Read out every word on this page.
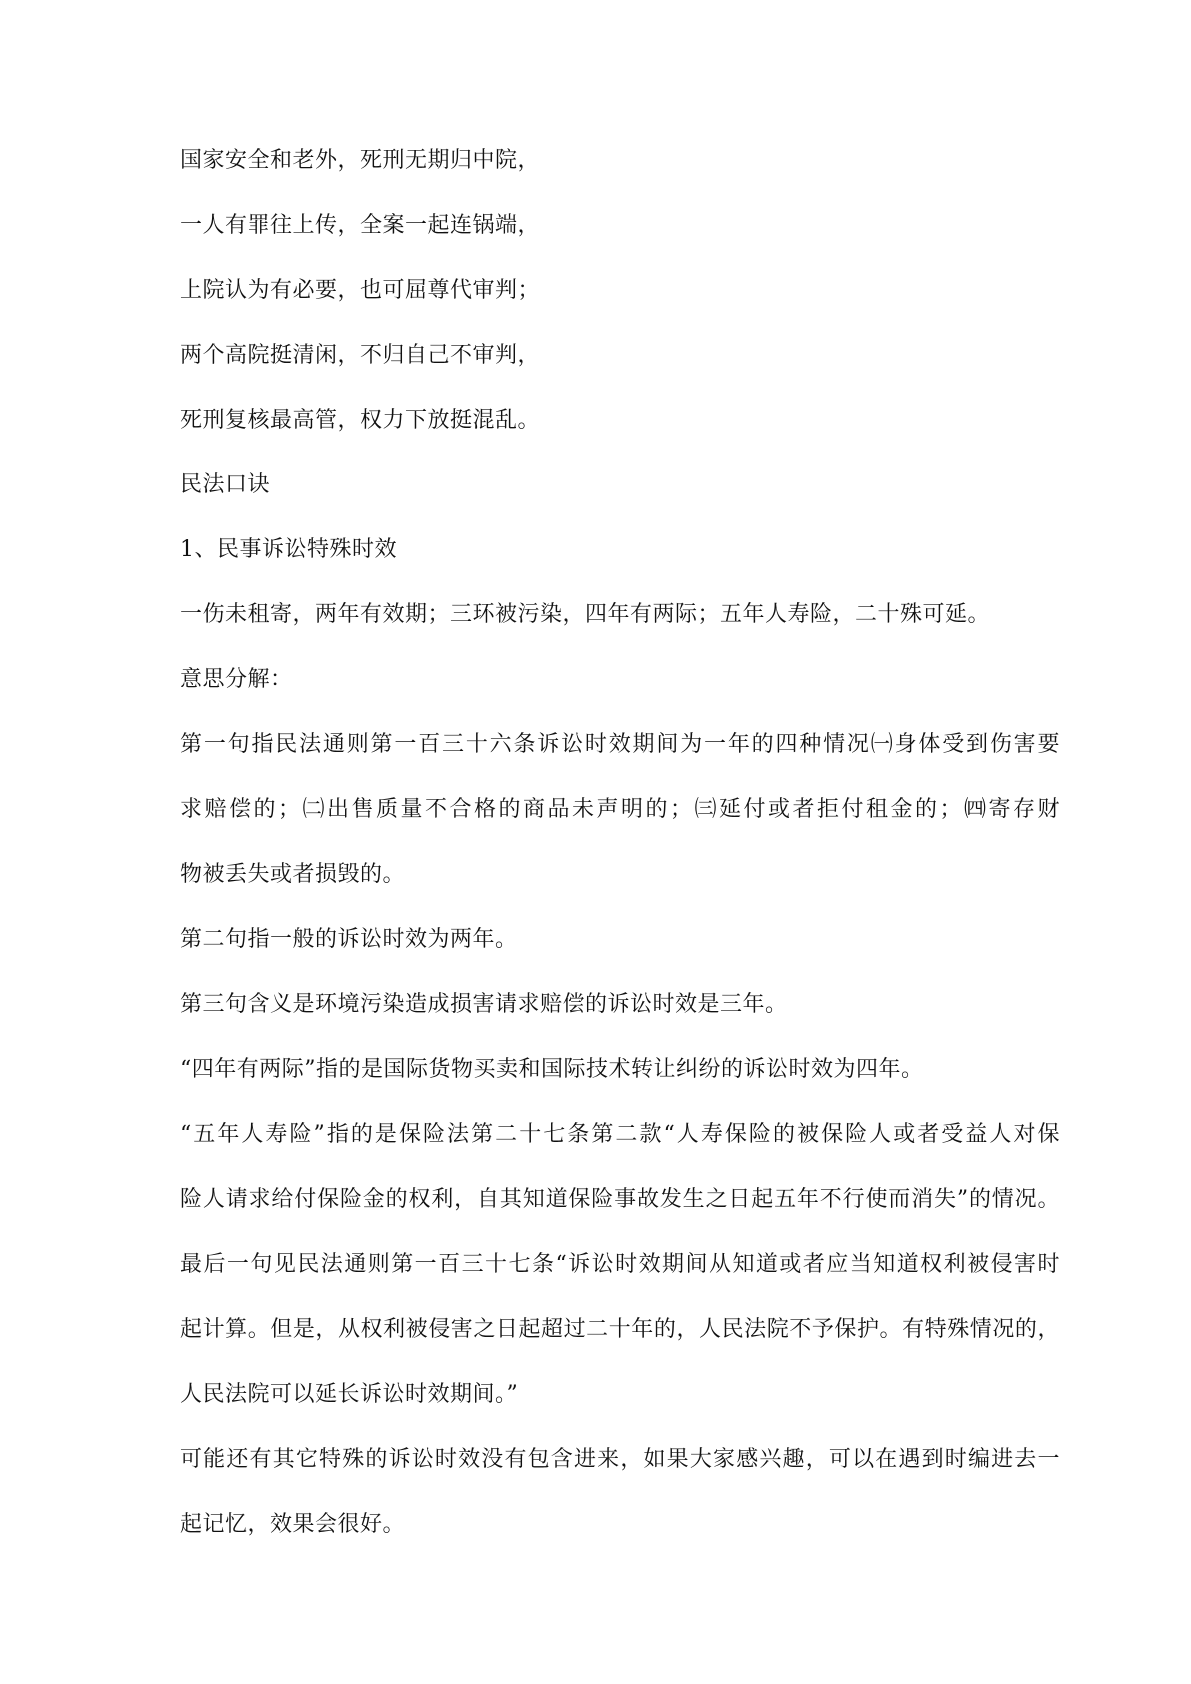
国家安全和老外，死刑无期归中院，
一人有罪往上传，全案一起连锅端，
上院认为有必要，也可屈尊代审判；
两个高院挺清闲，不归自己不审判，
死刑复核最高管，权力下放挺混乱。
民法口诀
1、民事诉讼特殊时效
一伤未租寄，两年有效期；三环被污染，四年有两际；五年人寿险，二十殊可延。
意思分解：
第一句指民法通则第一百三十六条诉讼时效期间为一年的四种情况㈠身体受到伤害要
求赔偿的；㈡出售质量不合格的商品未声明的；㈢延付或者拒付租金的；㈣寄存财
物被丢失或者损毁的。
第二句指一般的诉讼时效为两年。
第三句含义是环境污染造成损害请求赔偿的诉讼时效是三年。
“四年有两际”指的是国际货物买卖和国际技术转让纠纷的诉讼时效为四年。
“五年人寿险”指的是保险法第二十七条第二款“人寿保险的被保险人或者受益人对保
险人请求给付保险金的权利，自其知道保险事故发生之日起五年不行使而消失”的情况。
最后一句见民法通则第一百三十七条“诉讼时效期间从知道或者应当知道权利被侵害时
起计算。但是，从权利被侵害之日起超过二十年的，人民法院不予保护。有特殊情况的，
人民法院可以延长诉讼时效期间。”
可能还有其它特殊的诉讼时效没有包含进来，如果大家感兴趣，可以在遇到时编进去一
起记忆，效果会很好。
